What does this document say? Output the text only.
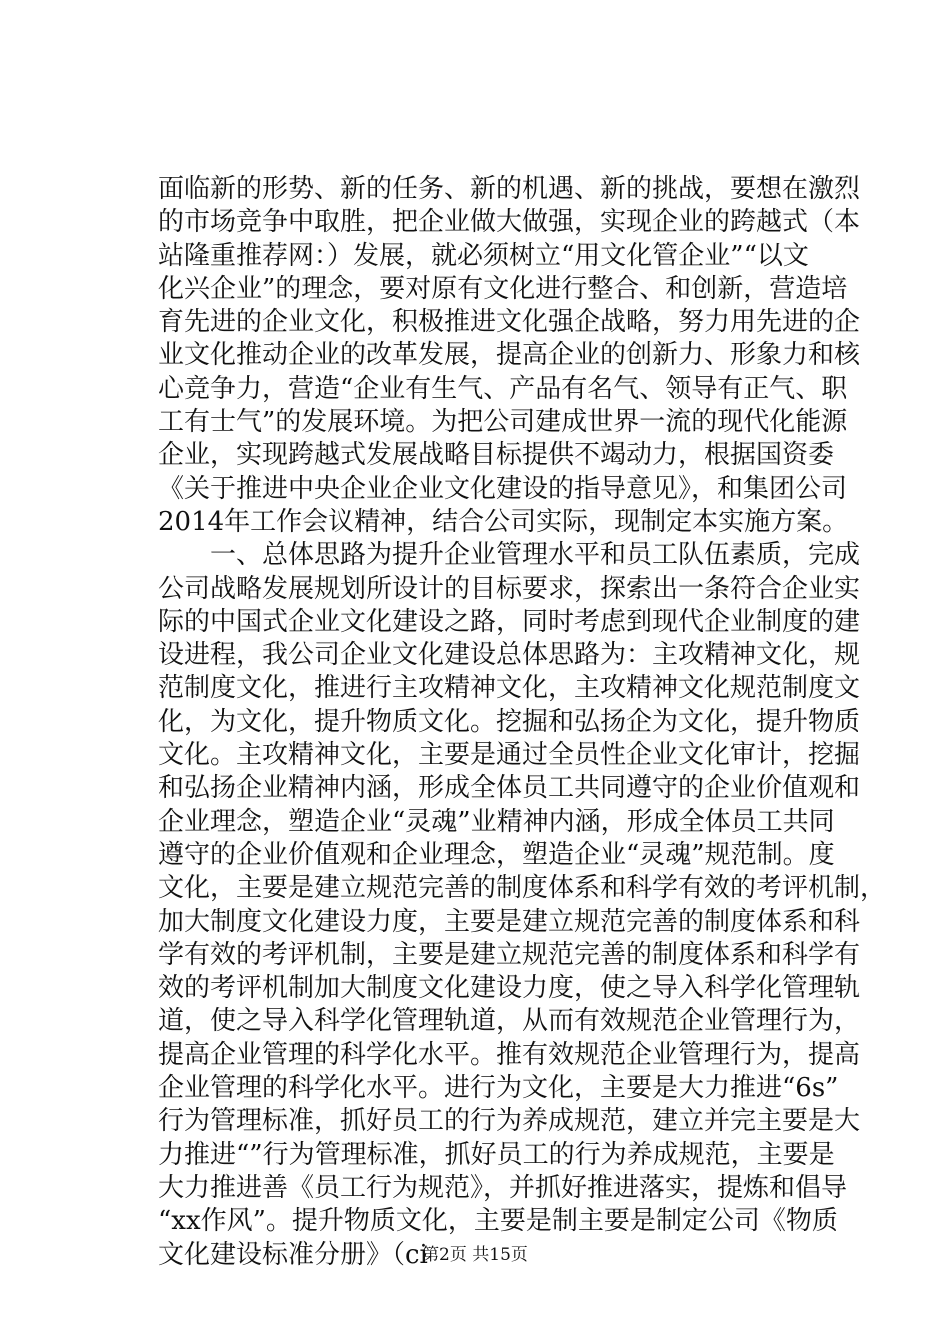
面临新的形势、新的任务、新的机遇、新的挑战，要想在激烈
的市场竞争中取胜，把企业做大做强，实现企业的跨越式（本
站隆重推荐网：）发展，就必须树立“用文化管企业”“以文
化兴企业”的理念，要对原有文化进行整合、和创新，营造培
育先进的企业文化，积极推进文化强企战略，努力用先进的企
业文化推动企业的改革发展，提高企业的创新力、形象力和核
心竞争力，营造“企业有生气、产品有名气、领导有正气、职
工有士气”的发展环境。为把公司建成世界一流的现代化能源
企业，实现跨越式发展战略目标提供不竭动力，根据国资委
《关于推进中央企业企业文化建设的指导意见》，和集团公司
2014年工作会议精神，结合公司实际，现制定本实施方案。
　　一、总体思路为提升企业管理水平和员工队伍素质，完成
公司战略发展规划所设计的目标要求，探索出一条符合企业实
际的中国式企业文化建设之路，同时考虑到现代企业制度的建
设进程，我公司企业文化建设总体思路为：主攻精神文化，规
范制度文化，推进行主攻精神文化，主攻精神文化规范制度文
化，为文化，提升物质文化。挖掘和弘扬企为文化，提升物质
文化。主攻精神文化，主要是通过全员性企业文化审计，挖掘
和弘扬企业精神内涵，形成全体员工共同遵守的企业价值观和
企业理念，塑造企业“灵魂”业精神内涵，形成全体员工共同
遵守的企业价值观和企业理念，塑造企业“灵魂”规范制。度
文化，主要是建立规范完善的制度体系和科学有效的考评机制，
加大制度文化建设力度，主要是建立规范完善的制度体系和科
学有效的考评机制，主要是建立规范完善的制度体系和科学有
效的考评机制加大制度文化建设力度，使之导入科学化管理轨
道，使之导入科学化管理轨道，从而有效规范企业管理行为，
提高企业管理的科学化水平。推有效规范企业管理行为，提高
企业管理的科学化水平。进行为文化，主要是大力推进“6s”
行为管理标准，抓好员工的行为养成规范，建立并完主要是大
力推进“”行为管理标准，抓好员工的行为养成规范，主要是
大力推进善《员工行为规范》，并抓好推进落实，提炼和倡导
“xx作风”。提升物质文化，主要是制主要是制定公司《物质
文化建设标准分册》（ci
第2页 共15页
